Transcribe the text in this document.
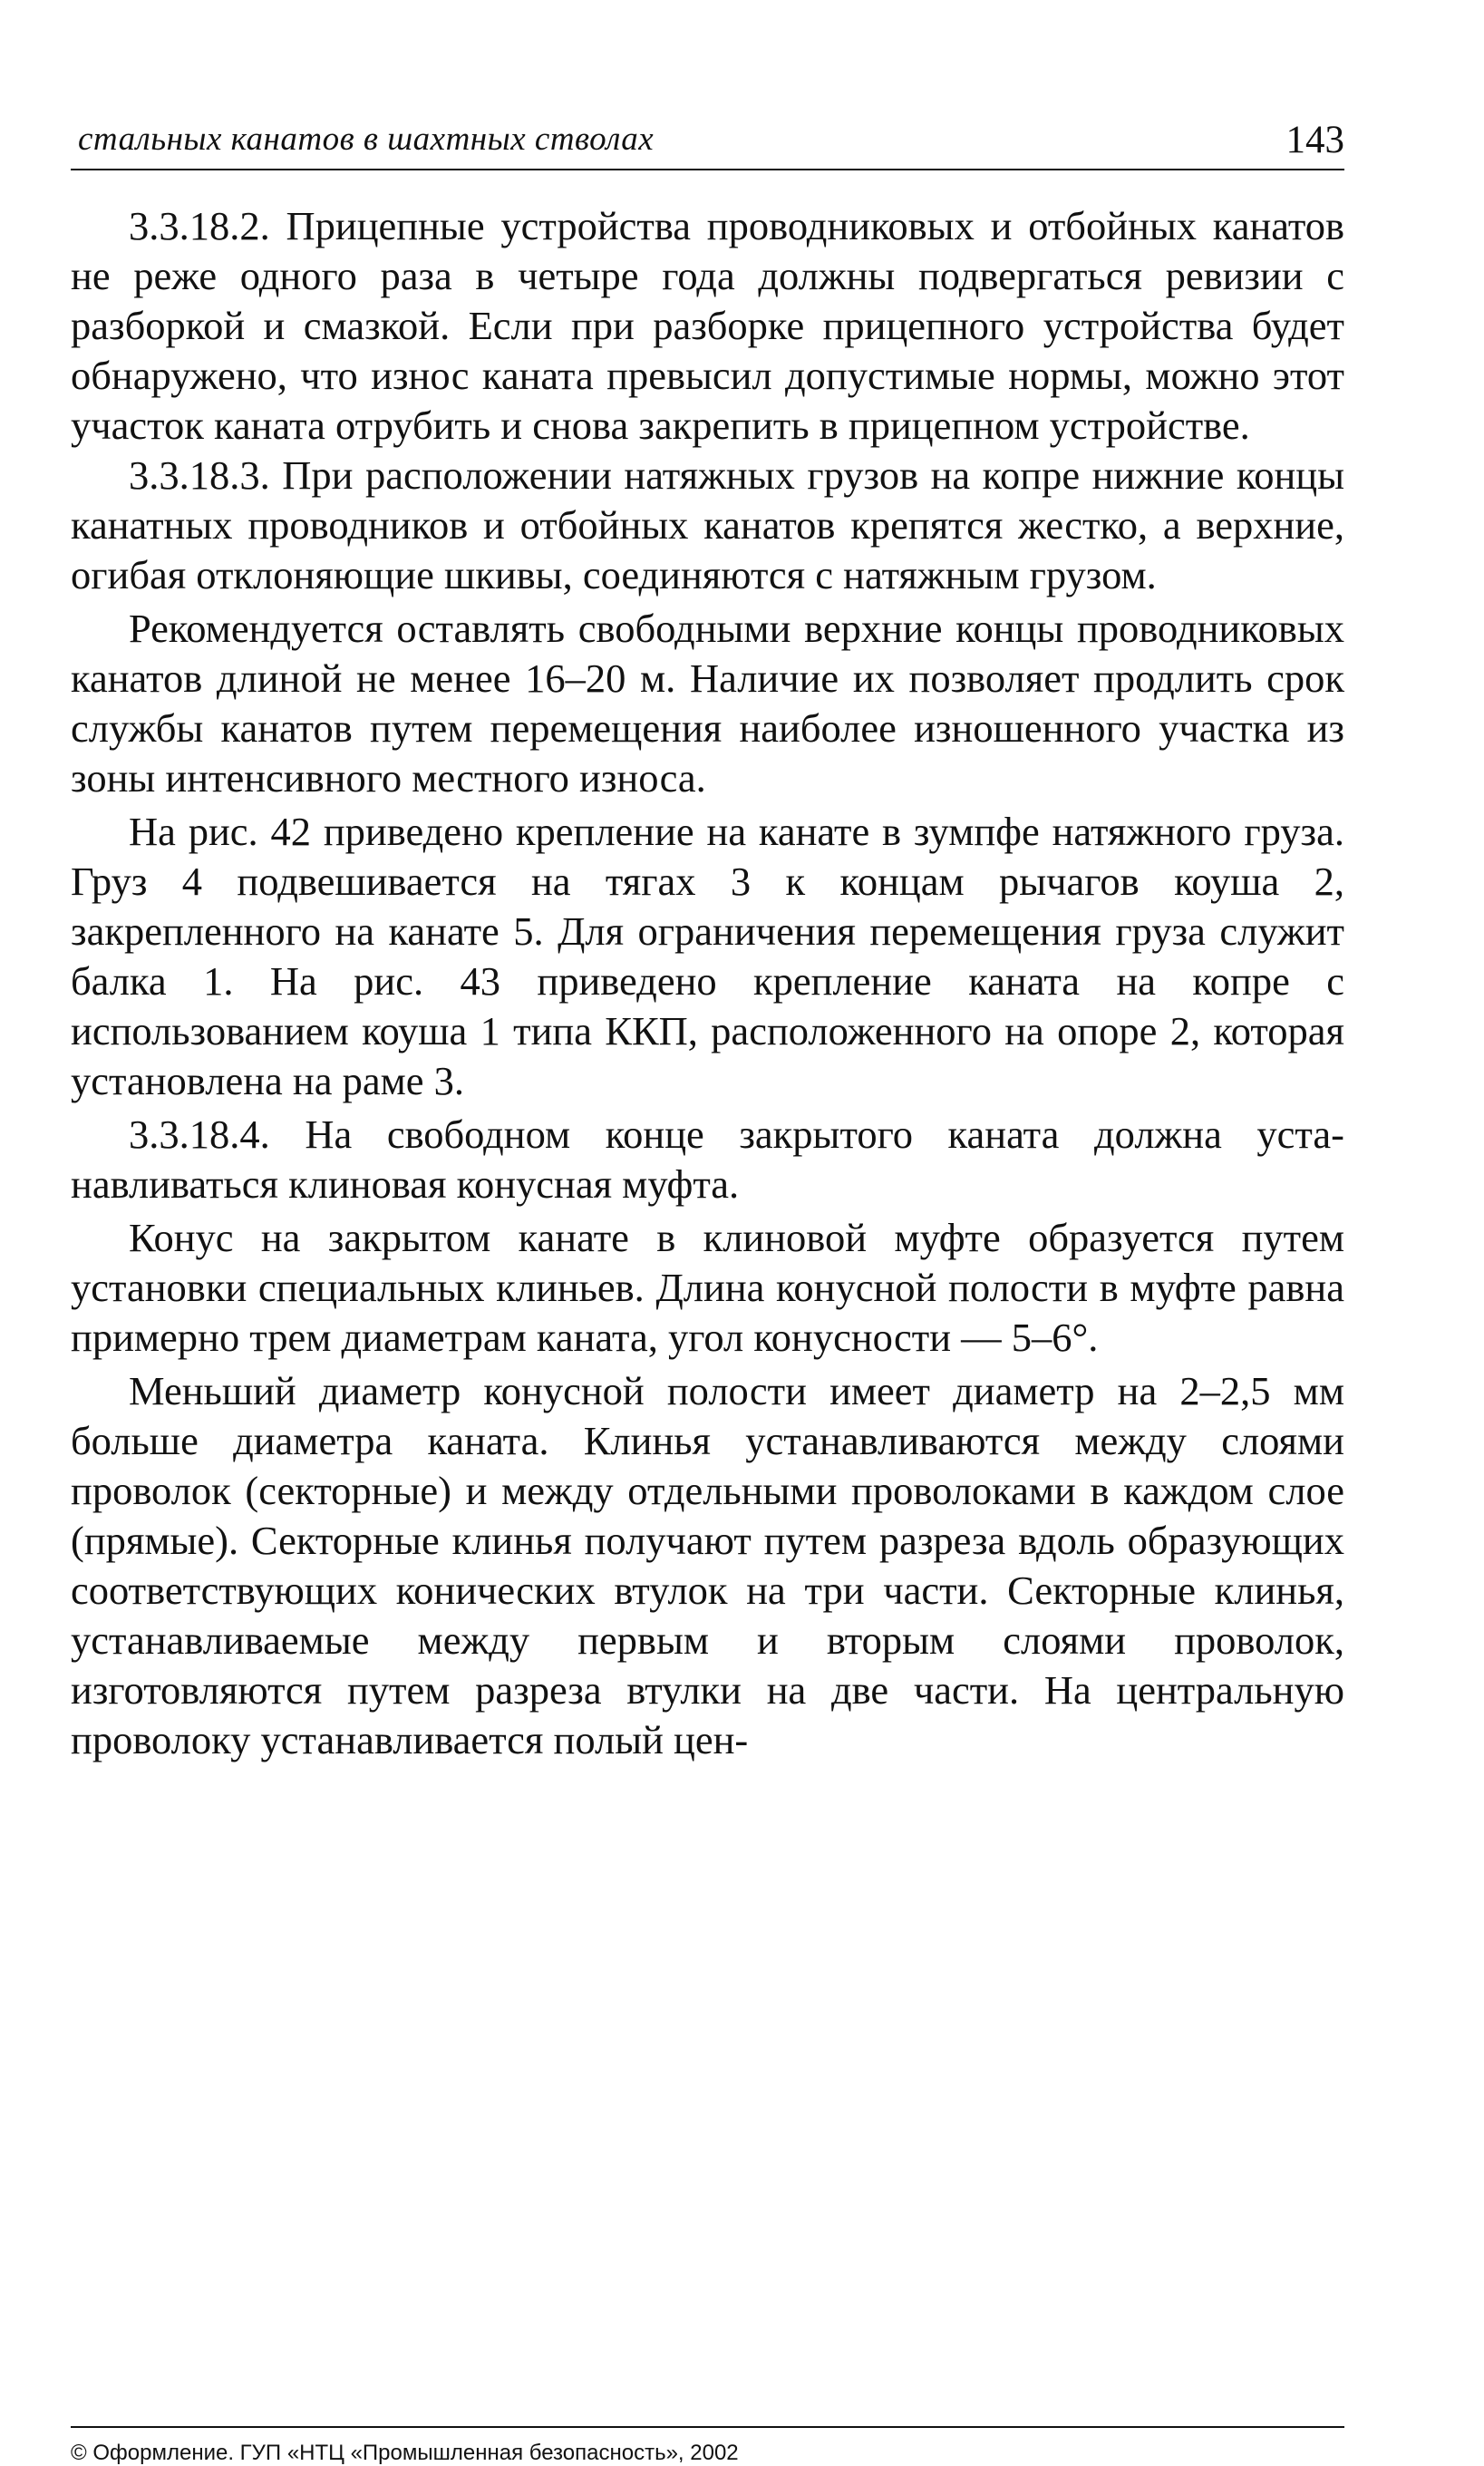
стальных канатов в шахтных стволах	143

3.3.18.2. Прицепные устройства проводниковых и отбойных канатов не реже одного раза в четыре года должны подвергаться ревизии с разборкой и смазкой. Если при разборке прицепного устройства будет обнаружено, что износ каната превысил допустимые нормы, можно этот участок каната отрубить и снова закрепить в прицепном устройстве.

3.3.18.3. При расположении натяжных грузов на копре нижние концы канатных проводников и отбойных канатов крепятся жестко, а верхние, огибая отклоняющие шкивы, соединяются с натяжным грузом.

Рекомендуется оставлять свободными верхние концы проводниковых канатов длиной не менее 16–20 м. Наличие их позволяет продлить срок службы канатов путем перемещения наиболее изношенного участка из зоны интенсивного местного износа.

На рис. 42 приведено крепление на канате в зумпфе натяжного груза. Груз 4 подвешивается на тягах 3 к концам рычагов коуша 2, закрепленного на канате 5. Для ограничения перемещения груза служит балка 1. На рис. 43 приведено крепление каната на копре с использованием коуша 1 типа ККП, расположенного на опоре 2, которая установлена на раме 3.

3.3.18.4. На свободном конце закрытого каната должна устанавливаться клиновая конусная муфта.

Конус на закрытом канате в клиновой муфте образуется путем установки специальных клиньев. Длина конусной полости в муфте равна примерно трем диаметрам каната, угол конусности — 5–6°.

Меньший диаметр конусной полости имеет диаметр на 2–2,5 мм больше диаметра каната. Клинья устанавливаются между слоями проволок (секторные) и между отдельными проволоками в каждом слое (прямые). Секторные клинья получают путем разреза вдоль образующих соответствующих конических втулок на три части. Секторные клинья, устанавливаемые между первым и вторым слоями проволок, изготовляются путем разреза втулки на две части. На центральную проволоку устанавливается полый цен-

© Оформление. ГУП «НТЦ «Промышленная безопасность», 2002
